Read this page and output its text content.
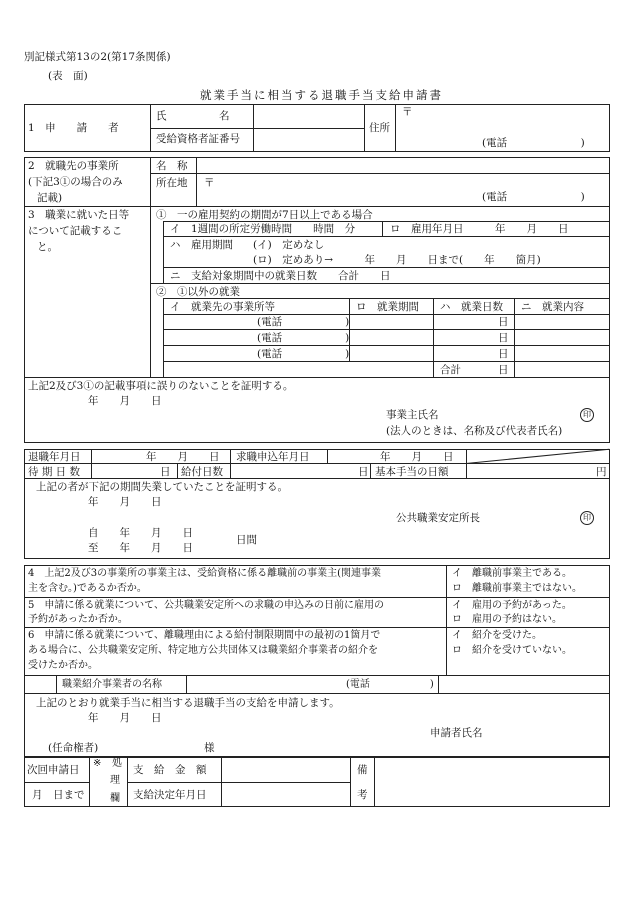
別記様式第13の2(第17条関係)
(表　面)
就業手当に相当する退職手当支給申請書
1　申　　請　　者
氏　　　　　名
受給資格者証番号
住所
〒
(電話　　　　　　　)
2　就職先の事業所
(下記3①の場合のみ
記載)
名　称
所在地 〒
(電話　　　　　　　)
3　職業に就いた日等
について記載するこ
と。
①　一の雇用契約の期間が7日以上である場合
イ　1週間の所定労働時間　　時間　分	ロ　雇用年月日　　　年　　月　　日
ハ　雇用期間 (イ)　定めなし
(ロ)　定めあり→　　　年　　月　　日まで(　　年　　箇月)
ニ　支給対象期間中の就業日数　　合計　　日
②　①以外の就業
イ　就業先の事業所等	ロ　就業期間 ハ　就業日数 ニ　就業内容
(電話　　　　　　)	日
(電話　　　　　　)	日
(電話　　　　　　)	日
合計	日
上記2及び3①の記載事項に誤りのないことを証明する。
年　　月　　日
事業主氏名
(法人のときは、名称及び代表者氏名)
印
退職年月日	年　　月　　日 求職申込年月日	年　　月　　日
待 期 日 数	日 給付日数	日 基本手当の日額	円
上記の者が下記の期間失業していたことを証明する。
年　　月　　日
公共職業安定所長	印
自　　年　　月　　日
至　　年　　月　　日
日間
4　上記2及び3の事業所の事業主は、受給資格に係る離職前の事業主(関連事業
主を含む。)であるか否か。
イ　離職前事業主である。
ロ　離職前事業主ではない。
5　申請に係る就業について、公共職業安定所への求職の申込みの日前に雇用の
予約があったか否か。
イ　雇用の予約があった。
ロ　雇用の予約はない。
6　申請に係る就業について、離職理由による給付制限期間中の最初の1箇月で
ある場合に、公共職業安定所、特定地方公共団体又は職業紹介事業者の紹介を
受けたか否か。
イ　紹介を受けた。
ロ　紹介を受けていない。
職業紹介事業者の名称	(電話　　　　　　)
上記のとおり就業手当に相当する退職手当の支給を申請します。
年　　月　　日
申請者氏名
(任命権者)	様
次回申請日
月　日まで
※ 処
理
欄
支　給　金　額
支給決定年月日
備
考
